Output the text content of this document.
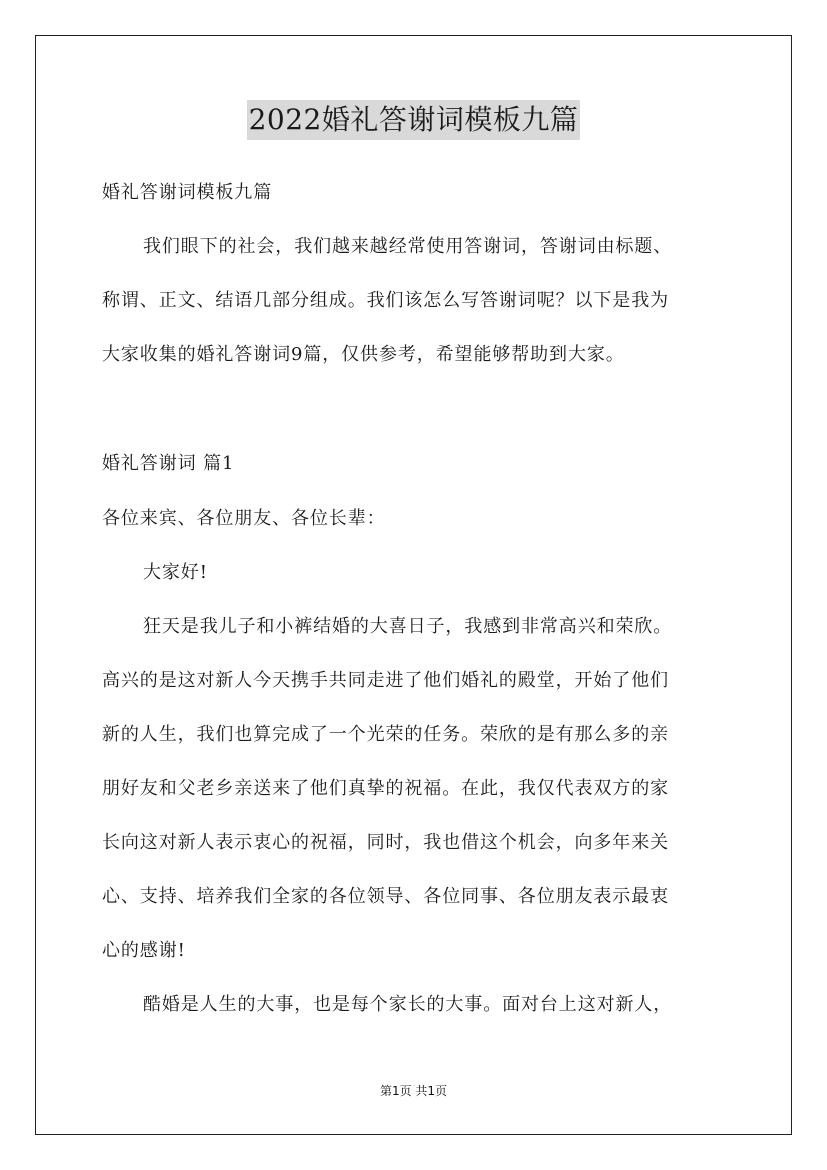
2022婚礼答谢词模板九篇
婚礼答谢词模板九篇
我们眼下的社会，我们越来越经常使用答谢词，答谢词由标题、
称谓、正文、结语几部分组成。我们该怎么写答谢词呢？以下是我为
大家收集的婚礼答谢词9篇，仅供参考，希望能够帮助到大家。
婚礼答谢词 篇1
各位来宾、各位朋友、各位长辈：
大家好!
狂天是我儿子和小裤结婚的大喜日子，我感到非常高兴和荣欣。
高兴的是这对新人今天携手共同走进了他们婚礼的殿堂，开始了他们
新的人生，我们也算完成了一个光荣的任务。荣欣的是有那么多的亲
朋好友和父老乡亲送来了他们真挚的祝福。在此，我仅代表双方的家
长向这对新人表示衷心的祝福，同时，我也借这个机会，向多年来关
心、支持、培养我们全家的各位领导、各位同事、各位朋友表示最衷
心的感谢!
酷婚是人生的大事，也是每个家长的大事。面对台上这对新人，
第1页 共1页
